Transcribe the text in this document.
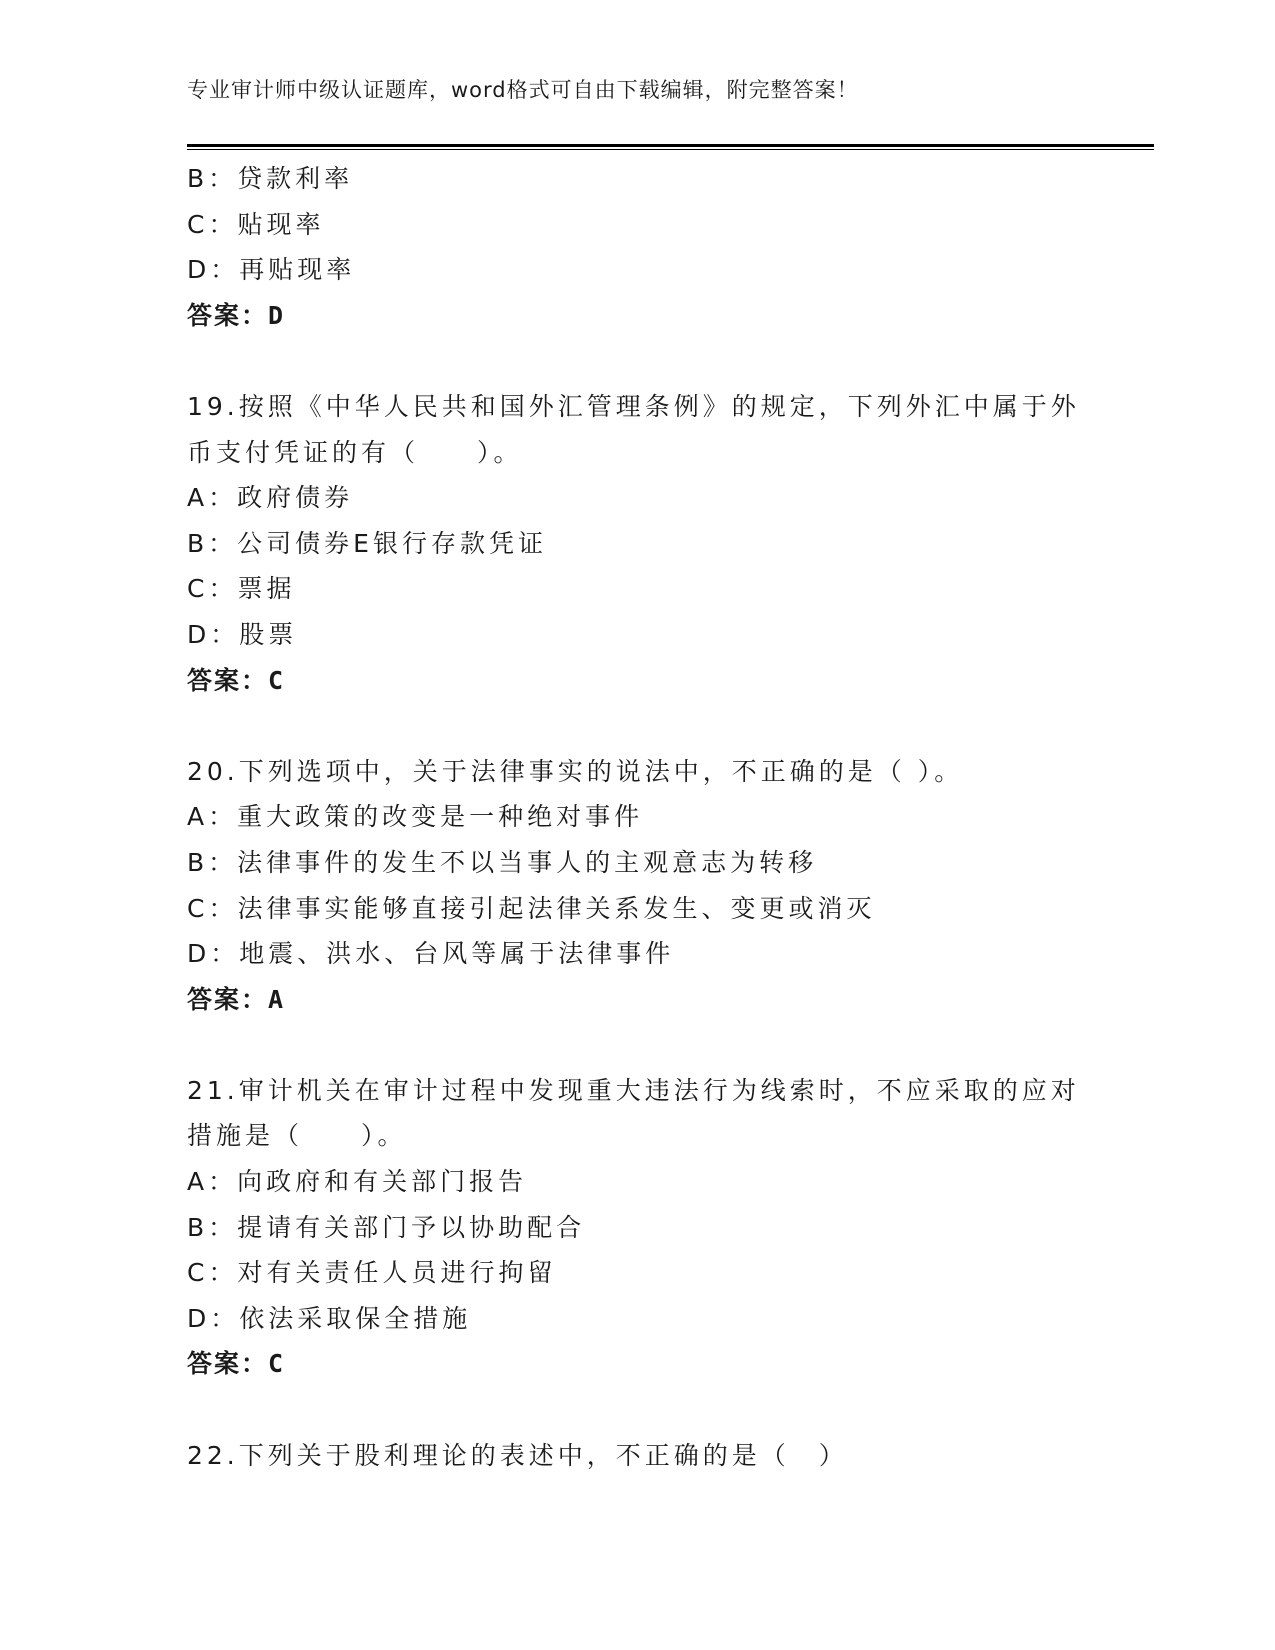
专业审计师中级认证题库，word格式可自由下载编辑，附完整答案！
B：贷款利率
C：贴现率
D：再贴现率
答案：D
19.按照《中华人民共和国外汇管理条例》的规定，下列外汇中属于外
币支付凭证的有（　　）。
A：政府债券
B：公司债券E银行存款凭证
C：票据
D：股票
答案：C
20.下列选项中，关于法律事实的说法中，不正确的是（ ）。
A：重大政策的改变是一种绝对事件
B：法律事件的发生不以当事人的主观意志为转移
C：法律事实能够直接引起法律关系发生、变更或消灭
D：地震、洪水、台风等属于法律事件
答案：A
21.审计机关在审计过程中发现重大违法行为线索时，不应采取的应对
措施是（　　）。
A：向政府和有关部门报告
B：提请有关部门予以协助配合
C：对有关责任人员进行拘留
D：依法采取保全措施
答案：C
22.下列关于股利理论的表述中，不正确的是（　）
